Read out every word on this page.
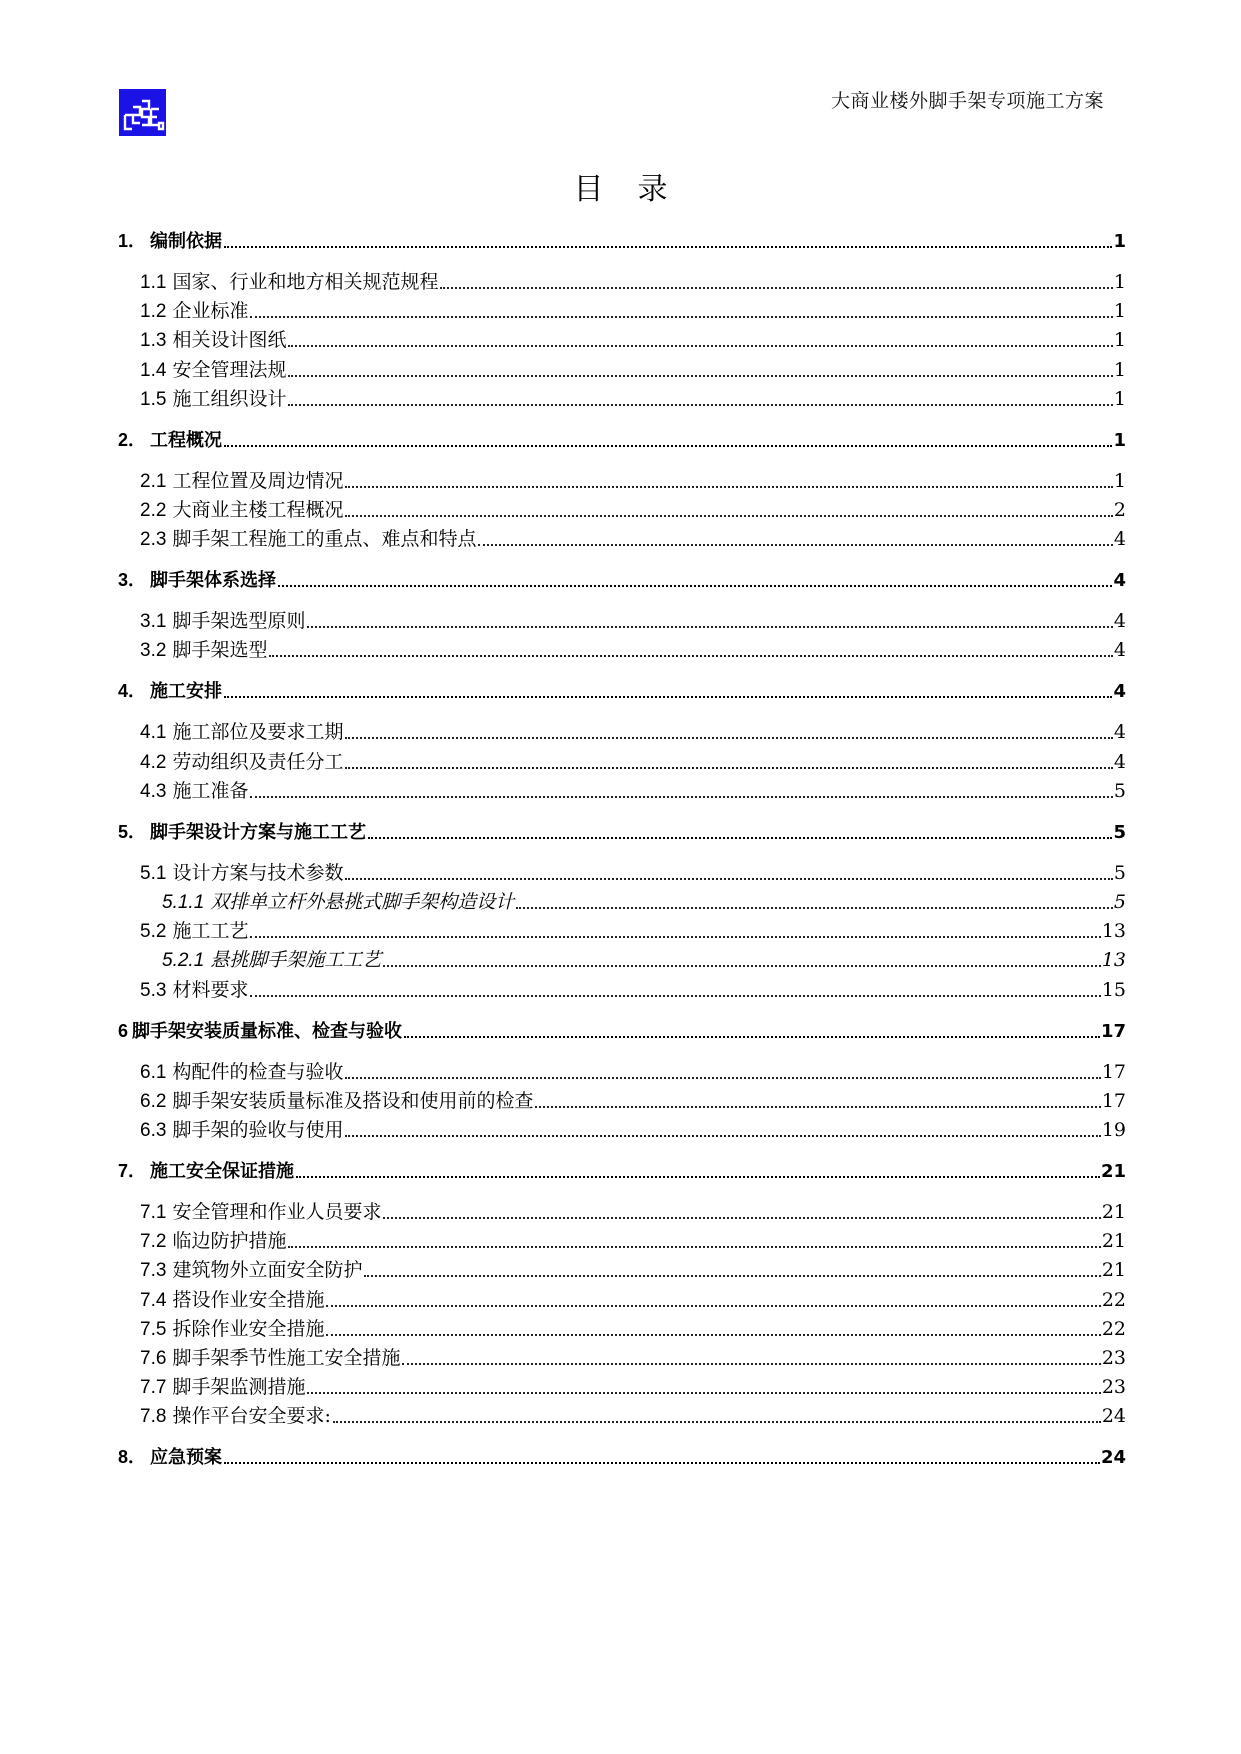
大商业楼外脚手架专项施工方案
目录
1． 编制依据	1
1.1 国家、行业和地方相关规范规程	1
1.2 企业标准	1
1.3 相关设计图纸	1
1.4 安全管理法规	1
1.5 施工组织设计	1
2． 工程概况	1
2.1 工程位置及周边情况	1
2.2 大商业主楼工程概况	2
2.3 脚手架工程施工的重点、难点和特点	4
3． 脚手架体系选择	4
3.1 脚手架选型原则	4
3.2 脚手架选型	4
4． 施工安排	4
4.1 施工部位及要求工期	4
4.2 劳动组织及责任分工	4
4.3 施工准备	5
5． 脚手架设计方案与施工工艺	5
5.1 设计方案与技术参数	5
5.1.1 双排单立杆外悬挑式脚手架构造设计	5
5.2 施工工艺	13
5.2.1 悬挑脚手架施工工艺	13
5.3 材料要求	15
6 脚手架安装质量标准、检查与验收	17
6.1 构配件的检查与验收	17
6.2 脚手架安装质量标准及搭设和使用前的检查	17
6.3 脚手架的验收与使用	19
7． 施工安全保证措施	21
7.1 安全管理和作业人员要求	21
7.2 临边防护措施	21
7.3 建筑物外立面安全防护	21
7.4 搭设作业安全措施	22
7.5 拆除作业安全措施	22
7.6 脚手架季节性施工安全措施	23
7.7 脚手架监测措施	23
7.8 操作平台安全要求:	24
8． 应急预案	24
